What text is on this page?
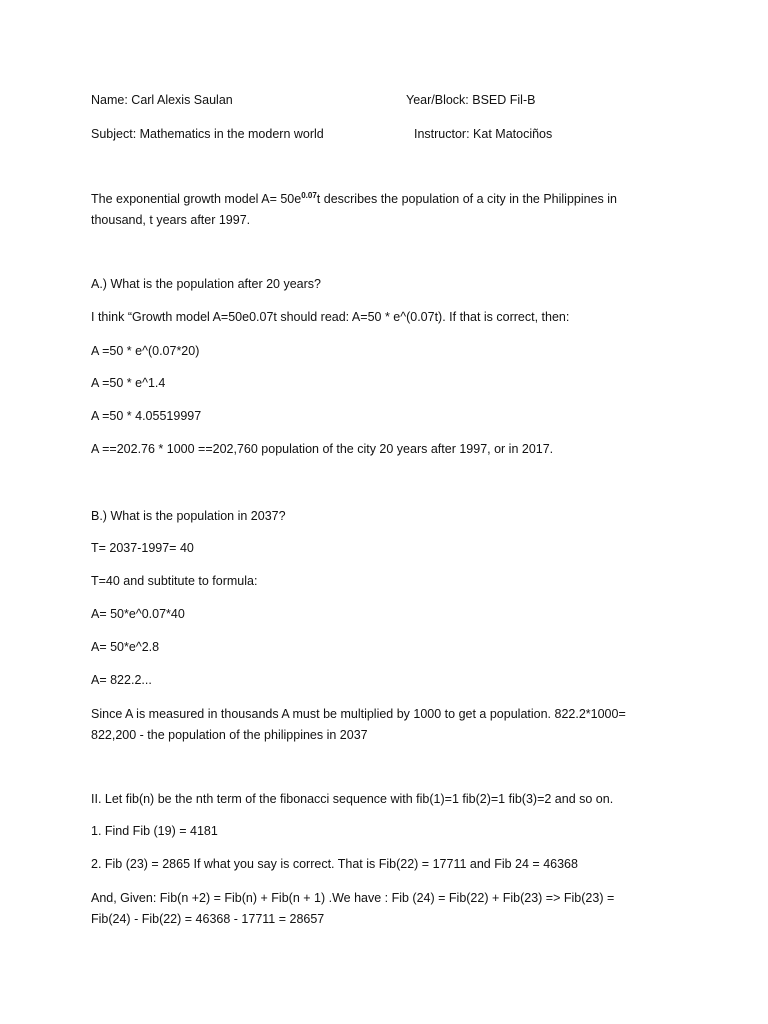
Name: Carl Alexis Saulan	Year/Block: BSED Fil-B
Subject: Mathematics in the modern world	Instructor: Kat Matociños
The exponential growth model $A= 50e^{0.07}t$ describes the population of a city in the Philippines in thousand, t years after 1997.
A.) What is the population after 20 years?
I think “Growth model A=50e0.07t should read: A=50 * e^(0.07t). If that is correct, then:
A =50 * e^(0.07*20)
A =50 * e^1.4
A =50 * 4.05519997
A ==202.76 * 1000 ==202,760 population of the city 20 years after 1997, or in 2017.
B.) What is the population in 2037?
T= 2037-1997= 40
T=40 and subtitute to formula:
A= 50*e^0.07*40
A= 50*e^2.8
A= 822.2...
Since A is measured in thousands A must be multiplied by 1000 to get a population. 822.2*1000= 822,200 - the population of the philippines in 2037
II. Let fib(n) be the nth term of the fibonacci sequence with fib(1)=1 fib(2)=1 fib(3)=2 and so on.
1. Find Fib (19) = 4181
2. Fib (23) = 2865 If what you say is correct. That is Fib(22) = 17711 and Fib 24 = 46368
And, Given: Fib(n +2) = Fib(n) + Fib(n + 1) .We have : Fib (24) = Fib(22) + Fib(23) => Fib(23) = Fib(24) - Fib(22) = 46368 - 17711 = 28657
